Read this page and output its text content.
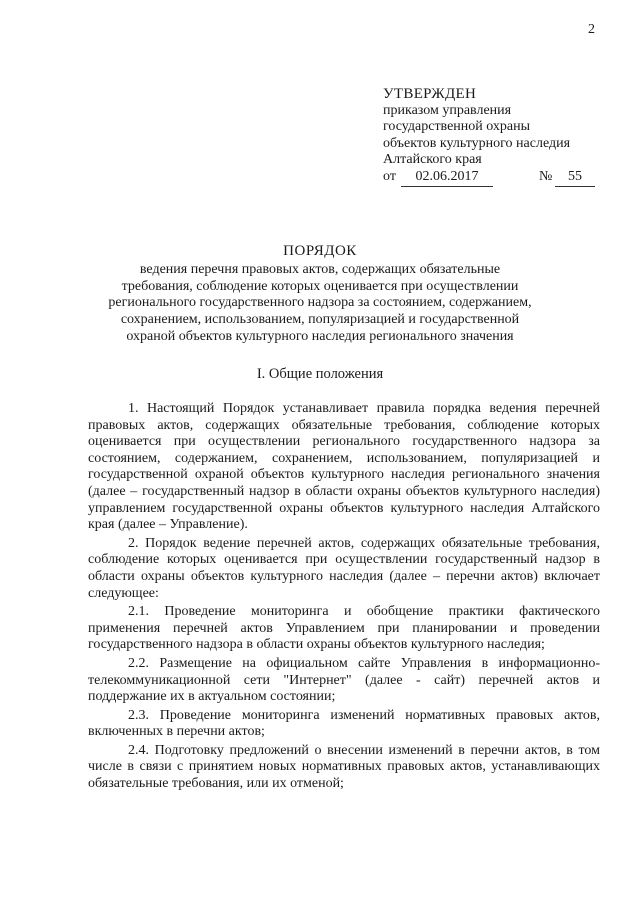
2
УТВЕРЖДЕН
приказом управления
государственной охраны
объектов культурного наследия
Алтайского края
от	02.06.2017	№	55
ПОРЯДОК
ведения перечня правовых актов, содержащих обязательные
требования, соблюдение которых оценивается при осуществлении
регионального государственного надзора за состоянием, содержанием,
сохранением, использованием, популяризацией и государственной
охраной объектов культурного наследия регионального значения
I. Общие положения

1. Настоящий Порядок устанавливает правила порядка ведения перечней правовых актов, содержащих обязательные требования, соблюдение которых оценивается при осуществлении регионального государственного надзора за состоянием, содержанием, сохранением, использованием, популяризацией и государственной охраной объектов культурного наследия регионального значения (далее – государственный надзор в области охраны объектов культурного наследия) управлением государственной охраны объектов культурного наследия Алтайского края (далее – Управление).

2. Порядок ведение перечней актов, содержащих обязательные требования, соблюдение которых оценивается при осуществлении государственный надзор в области охраны объектов культурного наследия (далее – перечни актов) включает следующее:

2.1. Проведение мониторинга и обобщение практики фактического применения перечней актов Управлением при планировании и проведении государственного надзора в области охраны объектов культурного наследия;

2.2. Размещение на официальном сайте Управления в информационно-телекоммуникационной сети "Интернет" (далее - сайт) перечней актов и поддержание их в актуальном состоянии;

2.3. Проведение мониторинга изменений нормативных правовых актов, включенных в перечни актов;

2.4. Подготовку предложений о внесении изменений в перечни актов, в том числе в связи с принятием новых нормативных правовых актов, устанавливающих обязательные требования, или их отменой;
